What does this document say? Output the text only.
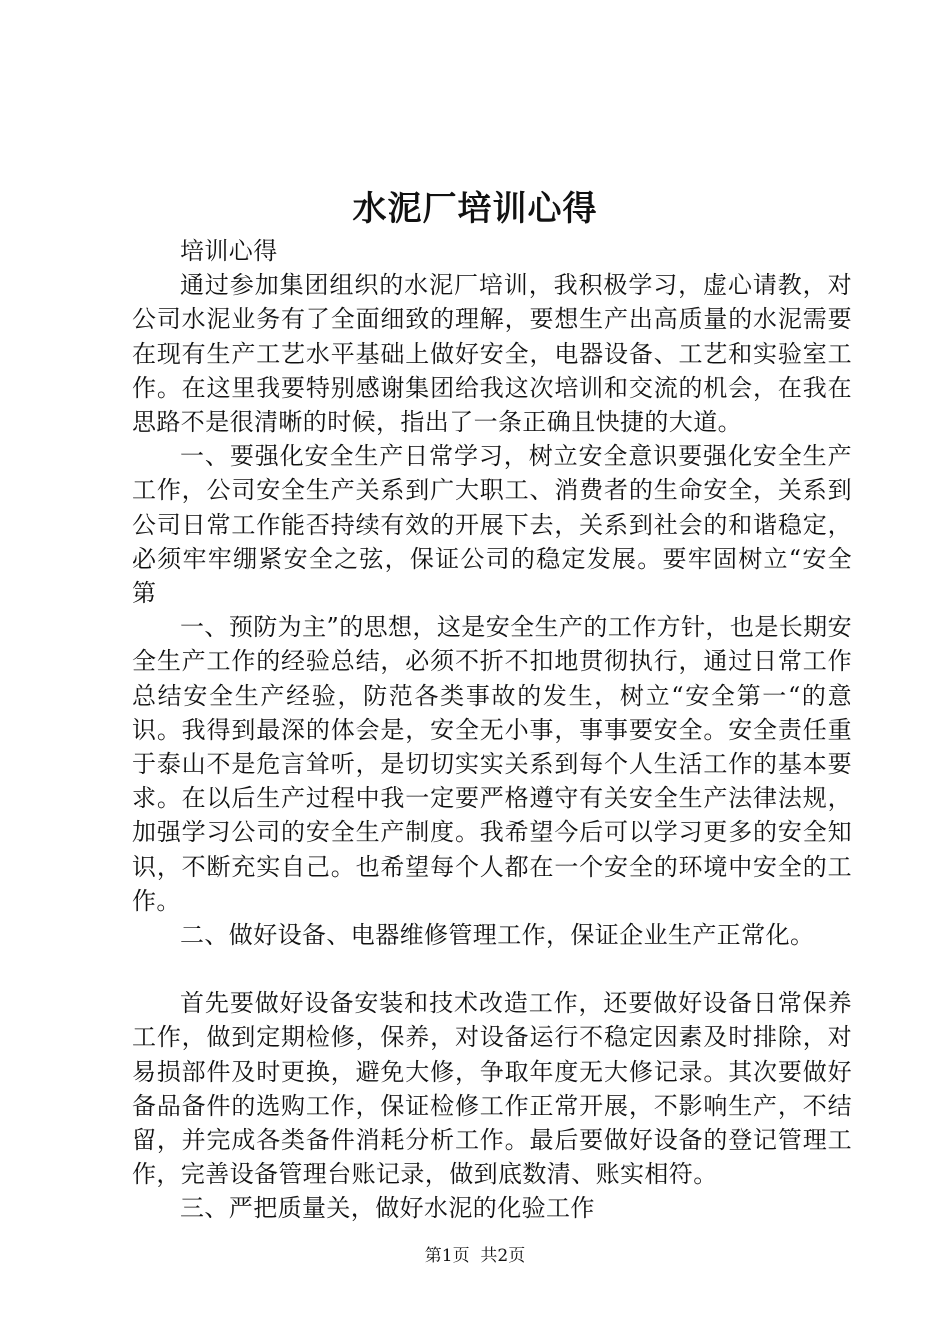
水泥厂培训心得

培训心得

通过参加集团组织的水泥厂培训，我积极学习，虚心请教，对公司水泥业务有了全面细致的理解，要想生产出高质量的水泥需要在现有生产工艺水平基础上做好安全，电器设备、工艺和实验室工作。在这里我要特别感谢集团给我这次培训和交流的机会，在我在思路不是很清晰的时候，指出了一条正确且快捷的大道。

一、要强化安全生产日常学习，树立安全意识要强化安全生产工作，公司安全生产关系到广大职工、消费者的生命安全，关系到公司日常工作能否持续有效的开展下去，关系到社会的和谐稳定，必须牢牢绷紧安全之弦，保证公司的稳定发展。要牢固树立“安全第

一、预防为主”的思想，这是安全生产的工作方针，也是长期安全生产工作的经验总结，必须不折不扣地贯彻执行，通过日常工作总结安全生产经验，防范各类事故的发生，树立“安全第一“的意识。我得到最深的体会是，安全无小事，事事要安全。安全责任重于泰山不是危言耸听，是切切实实关系到每个人生活工作的基本要求。在以后生产过程中我一定要严格遵守有关安全生产法律法规，加强学习公司的安全生产制度。我希望今后可以学习更多的安全知识，不断充实自己。也希望每个人都在一个安全的环境中安全的工作。

二、做好设备、电器维修管理工作，保证企业生产正常化。

首先要做好设备安装和技术改造工作，还要做好设备日常保养工作，做到定期检修，保养，对设备运行不稳定因素及时排除，对易损部件及时更换，避免大修，争取年度无大修记录。其次要做好备品备件的选购工作，保证检修工作正常开展，不影响生产，不结留，并完成各类备件消耗分析工作。最后要做好设备的登记管理工作，完善设备管理台账记录，做到底数清、账实相符。

三、严把质量关，做好水泥的化验工作

第1页  共2页
